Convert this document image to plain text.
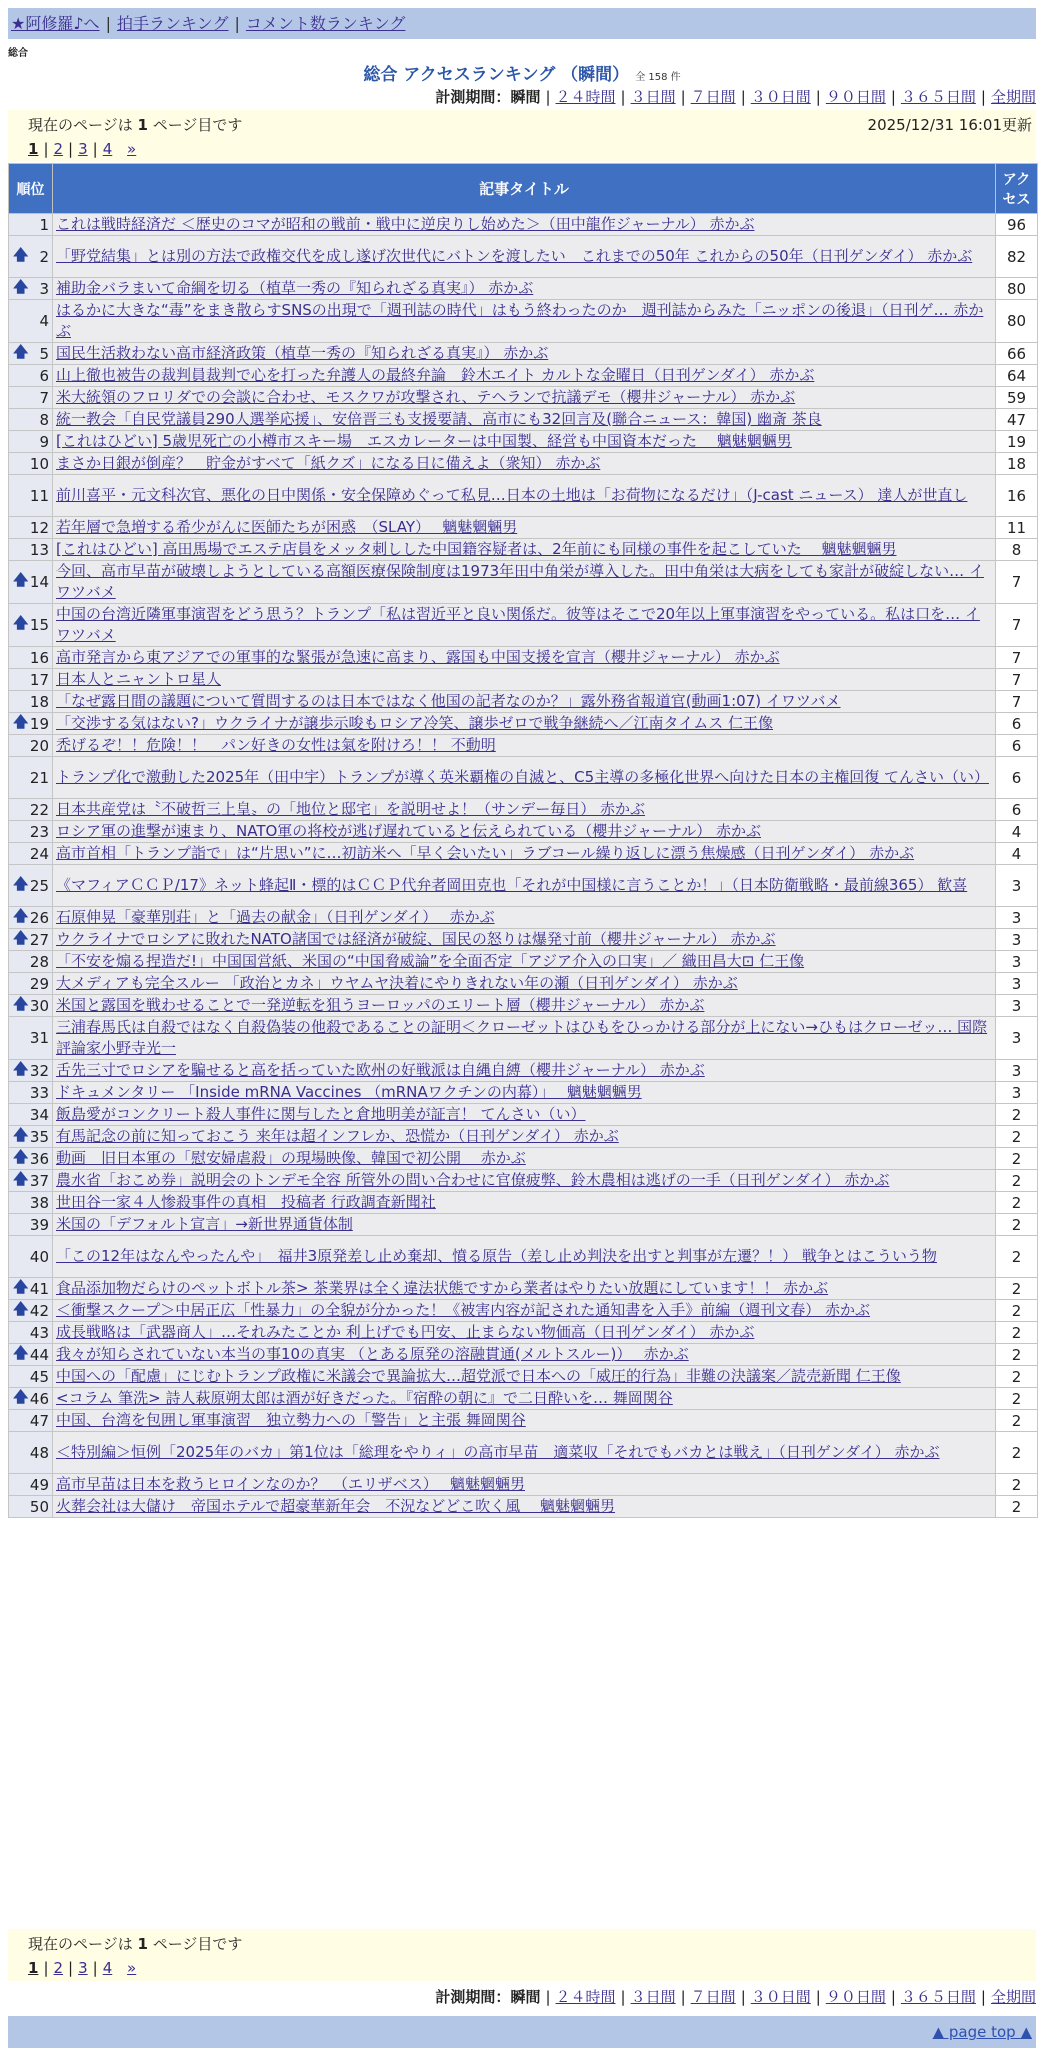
★阿修羅♪へ | 拍手ランキング | コメント数ランキング
総合
総合 アクセスランキング （瞬間） 全 158 件
計測期間：瞬間 | ２４時間 | ３日間 | ７日間 | ３０日間 | ９０日間 | ３６５日間 | 全期間
現在のページは 1 ページ目です	2025/12/31 16:01更新
1 | 2 | 3 | 4 »
順位	記事タイトル	アクセス
1	これは戦時経済だ ＜歴史のコマが昭和の戦前・戦中に逆戻りし始めた＞（田中龍作ジャーナル） 赤かぶ	96

🡅 2	「野党結集」とは別の方法で政権交代を成し遂げ次世代にバトンを渡したい　これまでの50年 これからの50年（日刊ゲンダイ） 赤かぶ	82

🡅 3	補助金バラまいて命綱を切る（植草一秀の『知られざる真実』） 赤かぶ	80
4	はるかに大きな“毒”をまき散らすSNSの出現で「週刊誌の時代」はもう終わったのか　週刊誌からみた「ニッポンの後退」（日刊ゲ… 赤かぶ	80

🡅 5	国民生活救わない高市経済政策（植草一秀の『知られざる真実』） 赤かぶ	66
6	山上徹也被告の裁判員裁判で心を打った弁護人の最終弁論　鈴木エイト カルトな金曜日（日刊ゲンダイ） 赤かぶ	64
7	米大統領のフロリダでの会談に合わせ、モスクワが攻撃され、テヘランで抗議デモ（櫻井ジャーナル） 赤かぶ	59
8	統一教会「自民党議員290人選挙応援」、安倍晋三も支援要請、高市にも32回言及(聯合ニュース：韓国) 幽斎 茶良	47
9	[これはひどい] 5歳児死亡の小樽市スキー場　エスカレーターは中国製、経営も中国資本だった　 魑魅魍魎男	19
10	まさか日銀が倒産？　貯金がすべて「紙クズ」になる日に備えよ（衆知） 赤かぶ	18
11	前川喜平・元文科次官、悪化の日中関係・安全保障めぐって私見…日本の土地は「お荷物になるだけ」（J-cast ニュース） 達人が世直し	16
12	若年層で急増する希少がんに医師たちが困惑　（SLAY）　 魑魅魍魎男	11
13	[これはひどい] 高田馬場でエステ店員をメッタ刺しした中国籍容疑者は、2年前にも同様の事件を起こしていた　 魑魅魍魎男	8

🡅 14	今回、高市早苗が破壊しようとしている高額医療保険制度は1973年田中角栄が導入した。田中角栄は大病をしても家計が破綻しない… イワツバメ	7

🡅 15	中国の台湾近隣軍事演習をどう思う？トランプ「私は習近平と良い関係だ。彼等はそこで20年以上軍事演習をやっている。私は口を… イワツバメ	7
16	高市発言から東アジアでの軍事的な緊張が急速に高まり、露国も中国支援を宣言（櫻井ジャーナル） 赤かぶ	7
17	日本人とニャントロ星人	7
18	「なぜ露日間の議題について質問するのは日本ではなく他国の記者なのか？」露外務省報道官(動画1:07) イワツバメ	7

🡅 19	「交渉する気はない?」ウクライナが譲歩示唆もロシア冷笑、譲歩ゼロで戦争継続へ／江南タイムス 仁王像	6
20	禿げるぞ！！危険！！　パン好きの女性は氣を附けろ！！ 不動明	6
21	トランプ化で激動した2025年（田中宇）トランプが導く英米覇権の自滅と、C5主導の多極化世界へ向けた日本の主権回復 てんさい（い）	6
22	日本共産党は〝不破哲三上皇〟の「地位と邸宅」を説明せよ！（サンデー毎日） 赤かぶ	6
23	ロシア軍の進撃が速まり、NATO軍の将校が逃げ遅れていると伝えられている（櫻井ジャーナル） 赤かぶ	4
24	高市首相「トランプ詣で」は“片思い”に…初訪米へ「早く会いたい」ラブコール繰り返しに漂う焦燥感（日刊ゲンダイ） 赤かぶ	4

🡅 25	《マフィアＣＣＰ/17》ネット蜂起Ⅱ・標的はＣＣＰ代弁者岡田克也「それが中国様に言うことか！」（日本防衛戦略・最前線365） 歓喜	3

🡅 26	石原伸晃「豪華別荘」と「過去の献金」（日刊ゲンダイ）　 赤かぶ	3

🡅 27	ウクライナでロシアに敗れたNATO諸国では経済が破綻、国民の怒りは爆発寸前（櫻井ジャーナル） 赤かぶ	3
28	「不安を煽る捏造だ!」中国国営紙、米国の“中国脅威論”を全面否定「アジア介入の口実」／ 織田昌大⊡ 仁王像	3
29	大メディアも完全スルー 「政治とカネ」ウヤムヤ決着にやりきれない年の瀬（日刊ゲンダイ） 赤かぶ	3

🡅 30	米国と露国を戦わせることで一発逆転を狙うヨーロッパのエリート層（櫻井ジャーナル） 赤かぶ	3
31	三浦春馬氏は自殺ではなく自殺偽装の他殺であることの証明＜クローゼットはひもをひっかける部分が上にない→ひもはクローゼッ… 国際評論家小野寺光一	3

🡅 32	舌先三寸でロシアを騙せると高を括っていた欧州の好戦派は自縄自縛（櫻井ジャーナル） 赤かぶ	3
33	ドキュメンタリー 「Inside mRNA Vaccines （mRNAワクチンの内幕）」　 魑魅魍魎男	3
34	飯島愛がコンクリート殺人事件に関与したと倉地明美が証言！ てんさい（い）	2

🡅 35	有馬記念の前に知っておこう 来年は超インフレか、恐慌か（日刊ゲンダイ） 赤かぶ	2

🡅 36	動画　旧日本軍の「慰安婦虐殺」の現場映像、韓国で初公開　 赤かぶ	2

🡅 37	農水省「おこめ券」説明会のトンデモ全容 所管外の問い合わせに官僚疲弊、鈴木農相は逃げの一手（日刊ゲンダイ） 赤かぶ	2
38	世田谷一家４人惨殺事件の真相　投稿者 行政調査新聞社	2
39	米国の「デフォルト宣言」→新世界通貨体制	2
40	「この12年はなんやったんや」　福井3原発差し止め棄却、憤る原告（差し止め判決を出すと判事が左遷？！） 戦争とはこういう物	2

🡅 41	食品添加物だらけのペットボトル茶> 茶業界は全く違法状態ですから業者はやりたい放題にしています！！ 赤かぶ	2

🡅 42	＜衝撃スクープ＞中居正広「性暴力」の全貌が分かった！《被害内容が記された通知書を入手》前編（週刊文春） 赤かぶ	2
43	成長戦略は「武器商人」…それみたことか 利上げでも円安、止まらない物価高（日刊ゲンダイ） 赤かぶ	2

🡅 44	我々が知らされていない本当の事10の真実 （とある原発の溶融貫通(メルトスルー)）　 赤かぶ	2
45	中国への「配慮」にじむトランプ政権に米議会で異論拡大…超党派で日本への「威圧的行為」非難の決議案／読売新聞 仁王像	2

🡅 46	<コラム 筆洗> 詩人萩原朔太郎は酒が好きだった。『宿酔の朝に』で二日酔いを… 舞岡関谷	2
47	中国、台湾を包囲し軍事演習　独立勢力への「警告」と主張 舞岡関谷	2
48	＜特別編＞恒例「2025年のバカ」第1位は「総理をやりィ」の高市早苗　適菜収「それでもバカとは戦え」（日刊ゲンダイ） 赤かぶ	2
49	高市早苗は日本を救うヒロインなのか？　（エリザベス）　 魑魅魍魎男	2
50	火葬会社は大儲け　帝国ホテルで超豪華新年会　不況などどこ吹く風　 魑魅魍魎男	2
現在のページは 1 ページ目です
1 | 2 | 3 | 4 »
計測期間：瞬間 | ２４時間 | ３日間 | ７日間 | ３０日間 | ９０日間 | ３６５日間 | 全期間
▲ page top ▲
